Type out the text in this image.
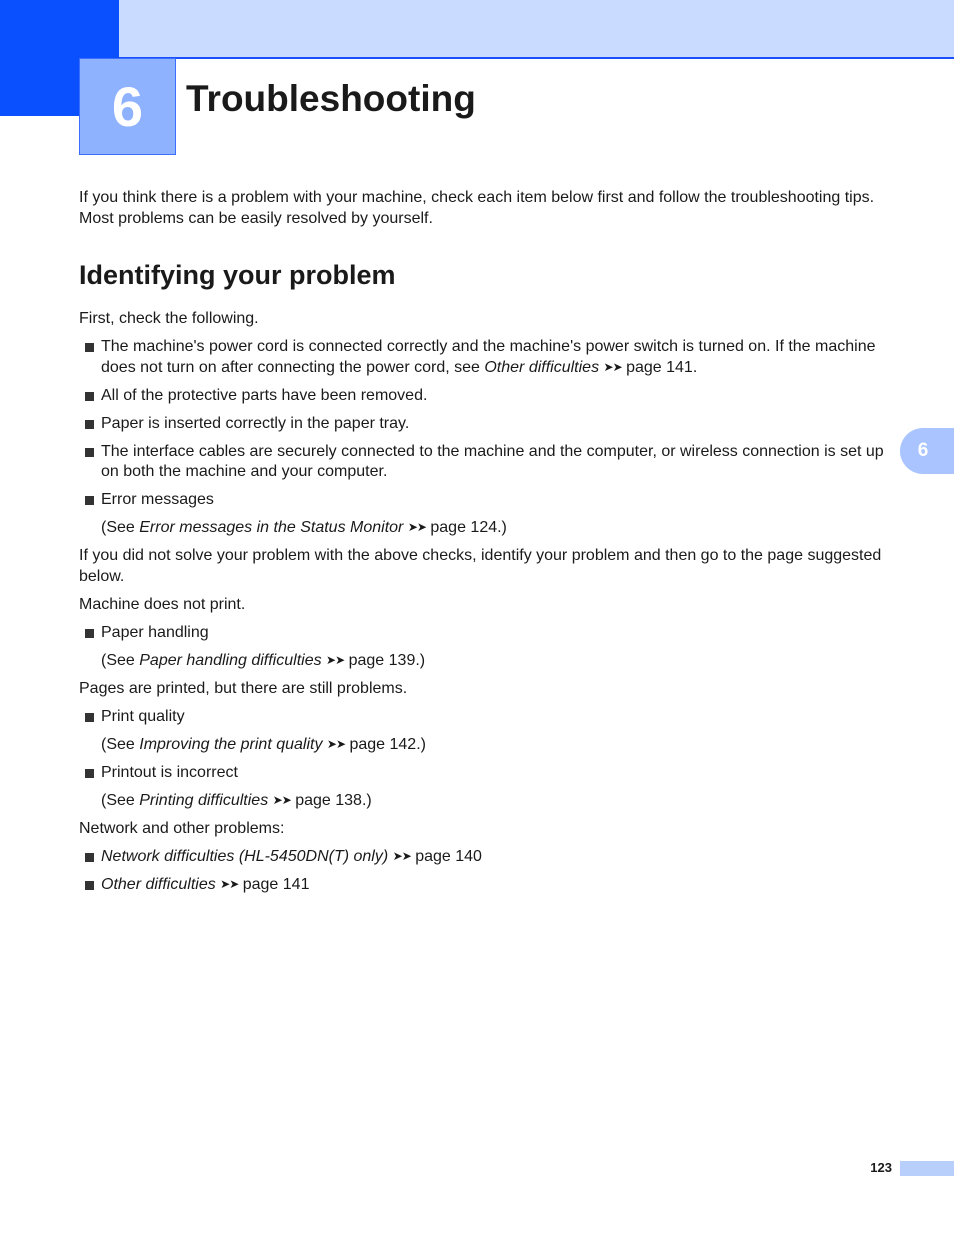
6 Troubleshooting
6

If you think there is a problem with your machine, check each item below first and follow the troubleshooting tips. Most problems can be easily resolved by yourself.

Identifying your problem

First, check the following.

The machine's power cord is connected correctly and the machine's power switch is turned on. If the machine does not turn on after connecting the power cord, see Other difficulties ➤➤ page 141.
All of the protective parts have been removed.
Paper is inserted correctly in the paper tray.
The interface cables are securely connected to the machine and the computer, or wireless connection is set up on both the machine and your computer.
Error messages

(See Error messages in the Status Monitor ➤➤ page 124.)

If you did not solve your problem with the above checks, identify your problem and then go to the page suggested below.

Machine does not print.

Paper handling

(See Paper handling difficulties ➤➤ page 139.)

Pages are printed, but there are still problems.

Print quality

(See Improving the print quality ➤➤ page 142.)

Printout is incorrect

(See Printing difficulties ➤➤ page 138.)

Network and other problems:

Network difficulties (HL-5450DN(T) only) ➤➤ page 140
Other difficulties ➤➤ page 141
123
